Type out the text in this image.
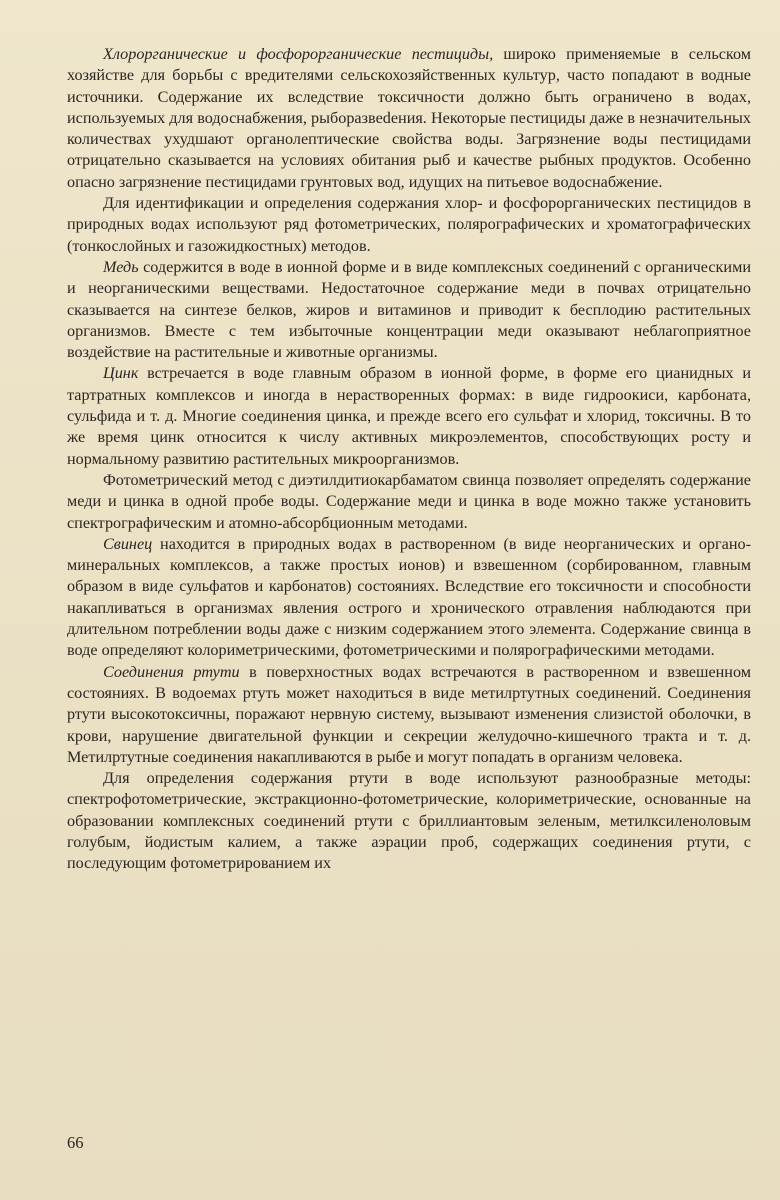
Хлорорганические и фосфорорганические пестициды, широко применяемые в сельском хозяйстве для борьбы с вредителями сельскохозяйственных культур, часто попадают в водные источники. Содержание их вследствие токсичности должно быть ограничено в водах, используемых для водоснабжения, рыборазвеdения. Некоторые пестициды даже в незначительных количествах ухудшают органолептические свойства воды. Загрязнение воды пестицидами отрицательно сказывается на условиях обитания рыб и качестве рыбных продуктов. Особенно опасно загрязнение пестицидами грунтовых вод, идущих на питьевое водоснабжение.

Для идентификации и определения содержания хлор- и фосфорорганических пестицидов в природных водах используют ряд фотометрических, полярографических и хроматографических (тонкослойных и газожидкостных) методов.

Медь содержится в воде в ионной форме и в виде комплексных соединений с органическими и неорганическими веществами. Недостаточное содержание меди в почвах отрицательно сказывается на синтезе белков, жиров и витаминов и приводит к бесплодию растительных организмов. Вместе с тем избыточные концентрации меди оказывают неблагоприятное воздействие на растительные и животные организмы.

Цинк встречается в воде главным образом в ионной форме, в форме его цианидных и тартратных комплексов и иногда в нерастворенных формах: в виде гидроокиси, карбоната, сульфида и т. д. Многие соединения цинка, и прежде всего его сульфат и хлорид, токсичны. В то же время цинк относится к числу активных микроэлементов, способствующих росту и нормальному развитию растительных микроорганизмов.

Фотометрический метод с диэтилдитиокарбаматом свинца позволяет определять содержание меди и цинка в одной пробе воды. Содержание меди и цинка в воде можно также установить спектрографическим и атомно-абсорбционным методами.

Свинец находится в природных водах в растворенном (в виде неорганических и органо-минеральных комплексов, а также простых ионов) и взвешенном (сорбированном, главным образом в виде сульфатов и карбонатов) состояниях. Вследствие его токсичности и способности накапливаться в организмах явления острого и хронического отравления наблюдаются при длительном потреблении воды даже с низким содержанием этого элемента. Содержание свинца в воде определяют колориметрическими, фотометрическими и полярографическими методами.

Соединения ртути в поверхностных водах встречаются в растворенном и взвешенном состояниях. В водоемах ртуть может находиться в виде метилртутных соединений. Соединения ртути высокотоксичны, поражают нервную систему, вызывают изменения слизистой оболочки, в крови, нарушение двигательной функции и секреции желудочно-кишечного тракта и т. д. Метилртутные соединения накапливаются в рыбе и могут попадать в организм человека.

Для определения содержания ртути в воде используют разнообразные методы: спектрофотометрические, экстракционно-фотометрические, колориметрические, основанные на образовании комплексных соединений ртути с бриллиантовым зеленым, метилксиленоловым голубым, йодистым калием, а также аэрации проб, содержащих соединения ртути, с последующим фотометрированием их

66
